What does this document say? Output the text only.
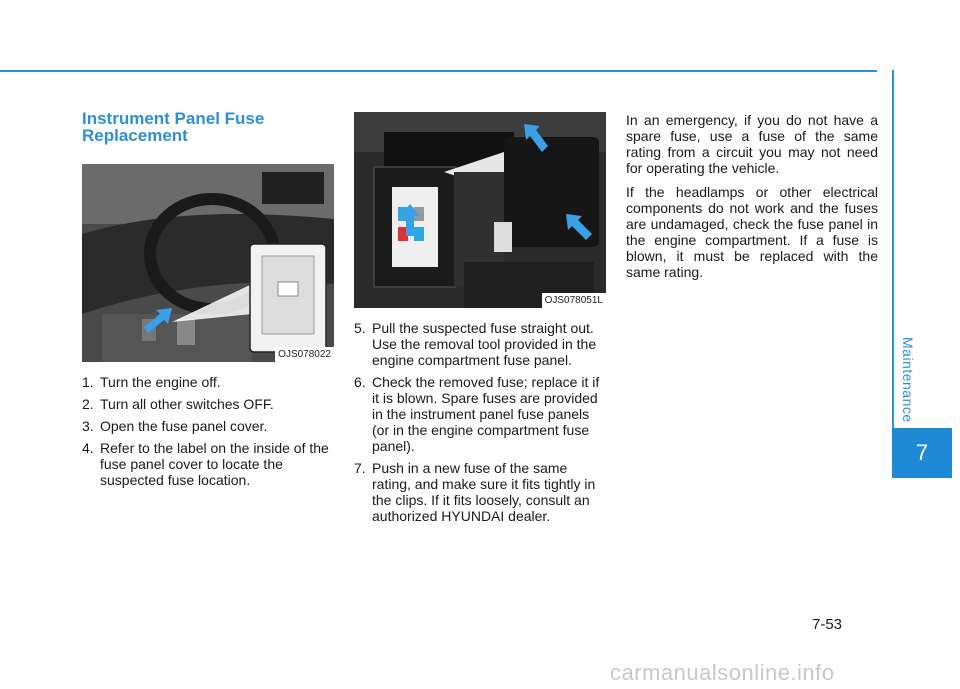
Maintenance
7
Instrument Panel Fuse
Replacement
OJS078022
1. Turn the engine off.
2. Turn all other switches OFF.
3. Open the fuse panel cover.
4. Refer to the label on the inside of the fuse panel cover to locate the suspected fuse location.
OJS078051L
5. Pull the suspected fuse straight out. Use the removal tool provided in the engine compartment fuse panel.
6. Check the removed fuse; replace it if it is blown. Spare fuses are provided in the instrument panel fuse panels (or in the engine compartment fuse panel).
7. Push in a new fuse of the same rating, and make sure it fits tightly in the clips. If it fits loosely, consult an authorized HYUNDAI dealer.

In an emergency, if you do not have a spare fuse, use a fuse of the same rating from a circuit you may not need for operating the vehicle.

If the headlamps or other electrical components do not work and the fuses are undamaged, check the fuse panel in the engine compartment. If a fuse is blown, it must be replaced with the same rating.

7-53
carmanualsonline.info
